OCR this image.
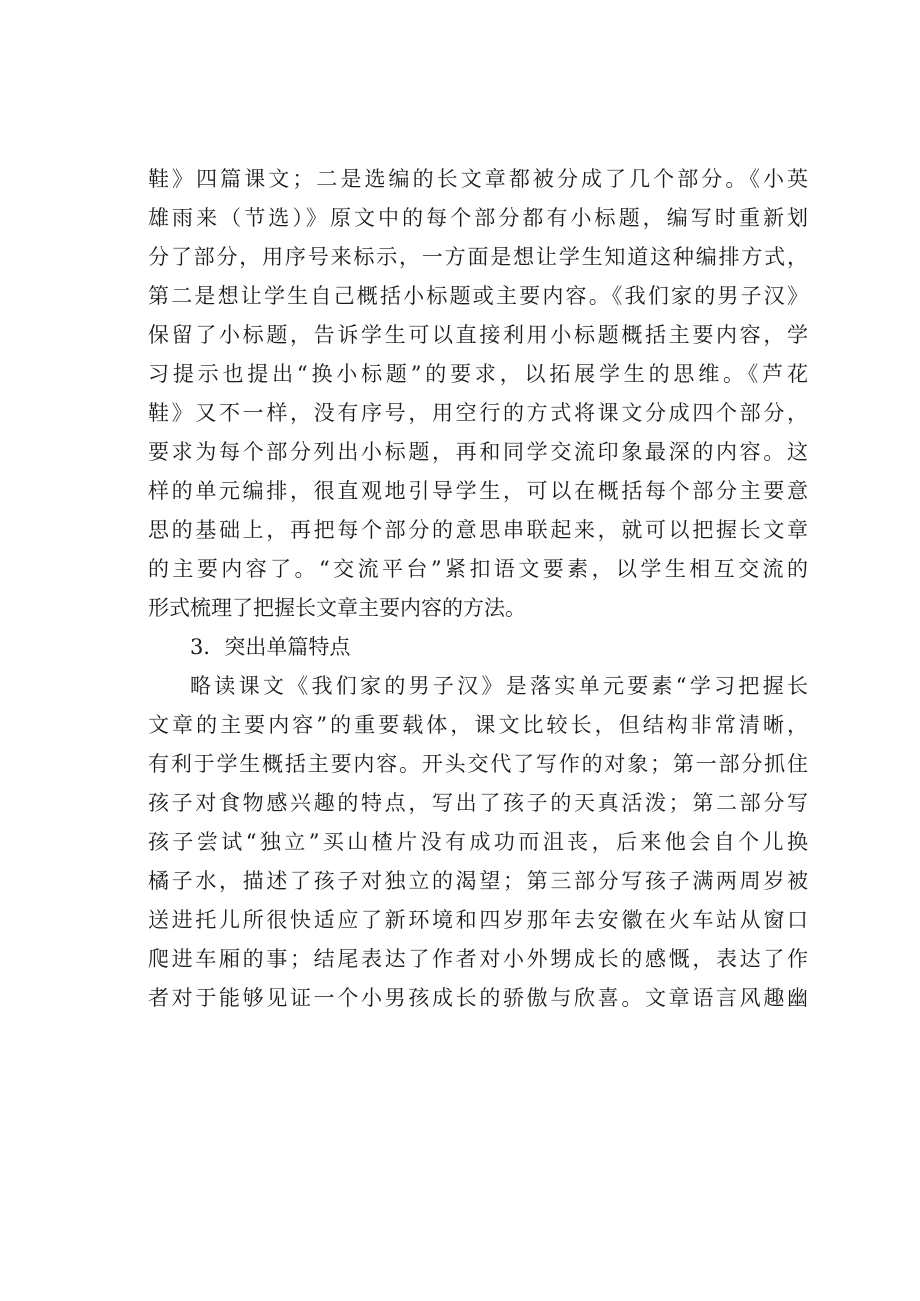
鞋》四篇课文；二是选编的长文章都被分成了几个部分。《小英
雄雨来（节选）》原文中的每个部分都有小标题，编写时重新划
分了部分，用序号来标示，一方面是想让学生知道这种编排方式，
第二是想让学生自己概括小标题或主要内容。《我们家的男子汉》
保留了小标题，告诉学生可以直接利用小标题概括主要内容，学
习提示也提出“换小标题”的要求，以拓展学生的思维。《芦花
鞋》又不一样，没有序号，用空行的方式将课文分成四个部分，
要求为每个部分列出小标题，再和同学交流印象最深的内容。这
样的单元编排，很直观地引导学生，可以在概括每个部分主要意
思的基础上，再把每个部分的意思串联起来，就可以把握长文章
的主要内容了。“交流平台”紧扣语文要素，以学生相互交流的
形式梳理了把握长文章主要内容的方法。
3．突出单篇特点
略读课文《我们家的男子汉》是落实单元要素“学习把握长
文章的主要内容”的重要载体，课文比较长，但结构非常清晰，
有利于学生概括主要内容。开头交代了写作的对象；第一部分抓住
孩子对食物感兴趣的特点，写出了孩子的天真活泼；第二部分写
孩子尝试“独立”买山楂片没有成功而沮丧，后来他会自个儿换
橘子水，描述了孩子对独立的渴望；第三部分写孩子满两周岁被
送进托儿所很快适应了新环境和四岁那年去安徽在火车站从窗口
爬进车厢的事；结尾表达了作者对小外甥成长的感慨，表达了作
者对于能够见证一个小男孩成长的骄傲与欣喜。文章语言风趣幽
